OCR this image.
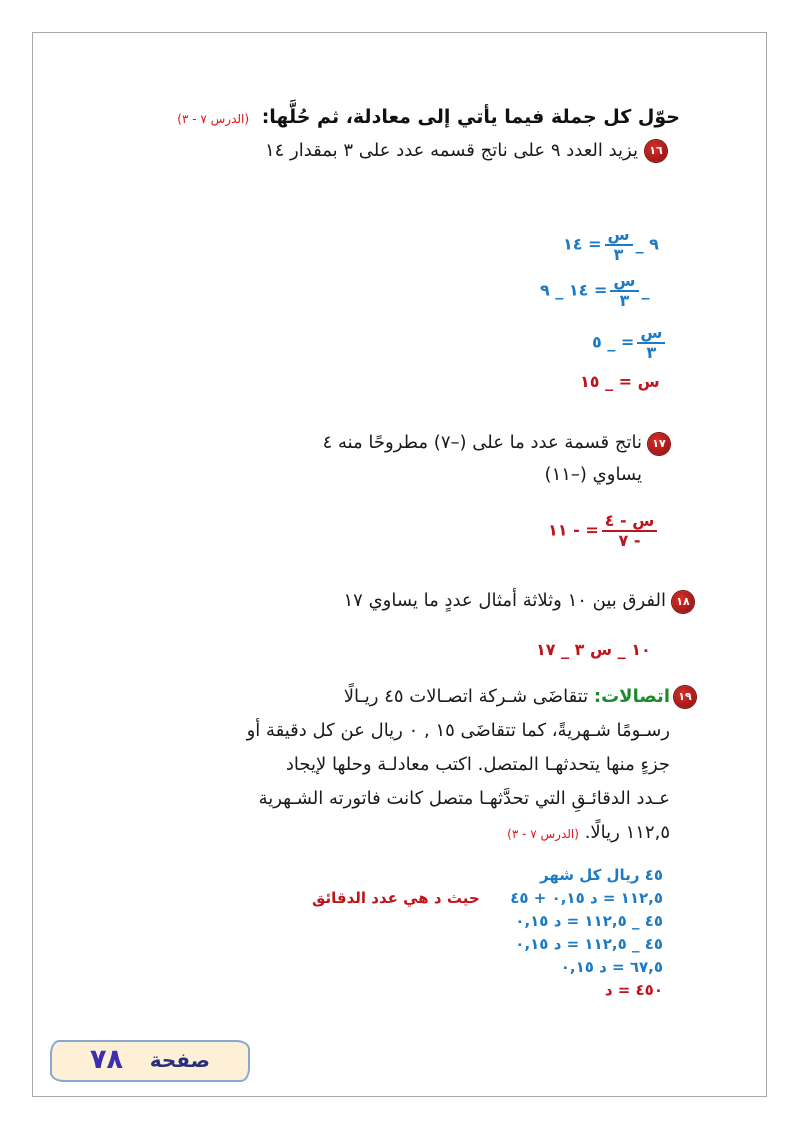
حوّل كل جملة فيما يأتي إلى معادلة، ثم حُلَّها: (الدرس ٧ - ٣)
١٦
يزيد العدد ٩ على ناتج قسمه عدد على ٣ بمقدار ١٤
١٤ = $\frac{\text{س}}{٣}$ _ ٩
٩ _ ١٤ = $\frac{\text{س}}{٣}$ _
٥ _ = $\frac{\text{س}}{٣}$
١٥ _ = س
١٧
ناتج قسمة عدد ما على (–٧) مطروحًا منه ٤
يساوي (–١١)
١١ - = $\frac{\text{س - ٤}}{٧ -}$
١٨
الفرق بين ١٠ وثلاثة أمثال عددٍ ما يساوي ١٧
١٧ _ ٣ س _ ١٠
١٩
اتصالات: تتقاضَى شـركة اتصـالات ٤٥ ريـالًا
رسـومًا شـهريةً، كما تتقاضَى ١٥ , ٠ ريال عن كل دقيقة أو
جزءٍ منها يتحدثهـا المتصل. اكتب معادلـة وحلها لإيجاد
عـدد الدقائـقِ التي تحدَّثهـا متصل كانت فاتورته الشـهرية
١١٢,٥ ريالًا. (الدرس ٧ - ٣)
٤٥ ريال كل شهر
١١٢,٥ = د ٠,١٥ + ٤٥
حيث د هي عدد الدقائق
٤٥ _ ١١٢,٥ = د ٠,١٥
٤٥ _ ١١٢,٥ = د ٠,١٥
٦٧,٥ = د ٠,١٥
٤٥٠ = د
صفحة
٧٨
